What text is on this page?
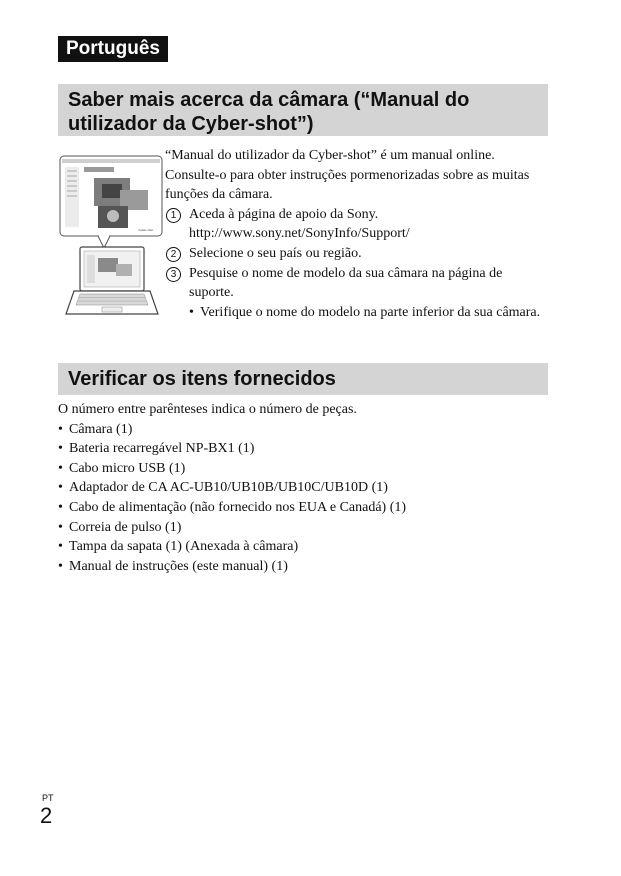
Português
Saber mais acerca da câmara (“Manual do utilizador da Cyber-shot”)
Cyber-shot
“Manual do utilizador da Cyber-shot” é um manual online. Consulte-o para obter instruções pormenorizadas sobre as muitas funções da câmara.
1 Aceda à página de apoio da Sony.
http://www.sony.net/SonyInfo/Support/
2 Selecione o seu país ou região.
3 Pesquise o nome de modelo da sua câmara na página de suporte.
• Verifique o nome do modelo na parte inferior da sua câmara.
Verificar os itens fornecidos
O número entre parênteses indica o número de peças.
• Câmara (1)
• Bateria recarregável NP-BX1 (1)
• Cabo micro USB (1)
• Adaptador de CA AC-UB10/UB10B/UB10C/UB10D (1)
• Cabo de alimentação (não fornecido nos EUA e Canadá) (1)
• Correia de pulso (1)
• Tampa da sapata (1) (Anexada à câmara)
• Manual de instruções (este manual) (1)
PT
2
